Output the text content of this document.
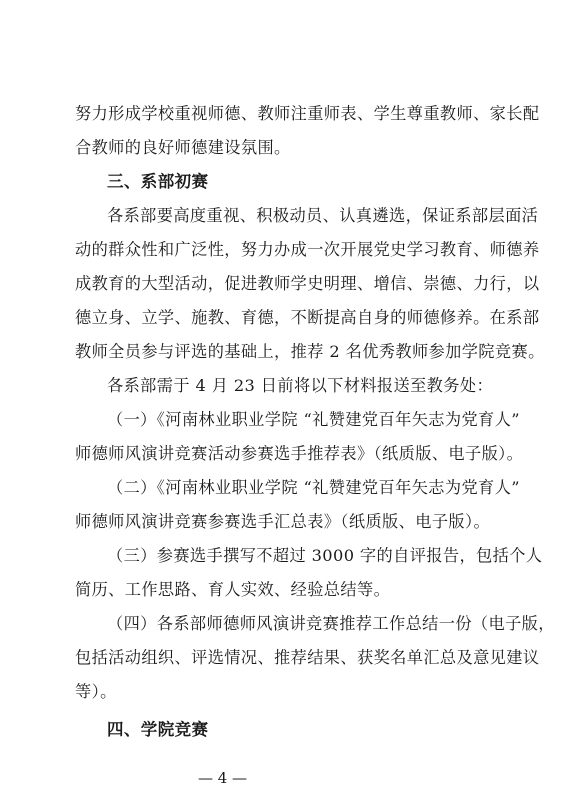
努力形成学校重视师德、教师注重师表、学生尊重教师、家长配
合教师的良好师德建设氛围。
三、系部初赛
各系部要高度重视、积极动员、认真遴选，保证系部层面活
动的群众性和广泛性，努力办成一次开展党史学习教育、师德养
成教育的大型活动，促进教师学史明理、增信、崇德、力行，以
德立身、立学、施教、育德，不断提高自身的师德修养。在系部
教师全员参与评选的基础上，推荐 2 名优秀教师参加学院竞赛。
各系部需于 4 月 23 日前将以下材料报送至教务处：
（一）《河南林业职业学院 “礼赞建党百年矢志为党育人”
师德师风演讲竞赛活动参赛选手推荐表》（纸质版、电子版）。
（二）《河南林业职业学院 “礼赞建党百年矢志为党育人”
师德师风演讲竞赛参赛选手汇总表》（纸质版、电子版）。
（三）参赛选手撰写不超过 3000 字的自评报告，包括个人
简历、工作思路、育人实效、经验总结等。
（四）各系部师德师风演讲竞赛推荐工作总结一份（电子版，
包括活动组织、评选情况、推荐结果、获奖名单汇总及意见建议
等）。
四、学院竞赛
— 4 —
